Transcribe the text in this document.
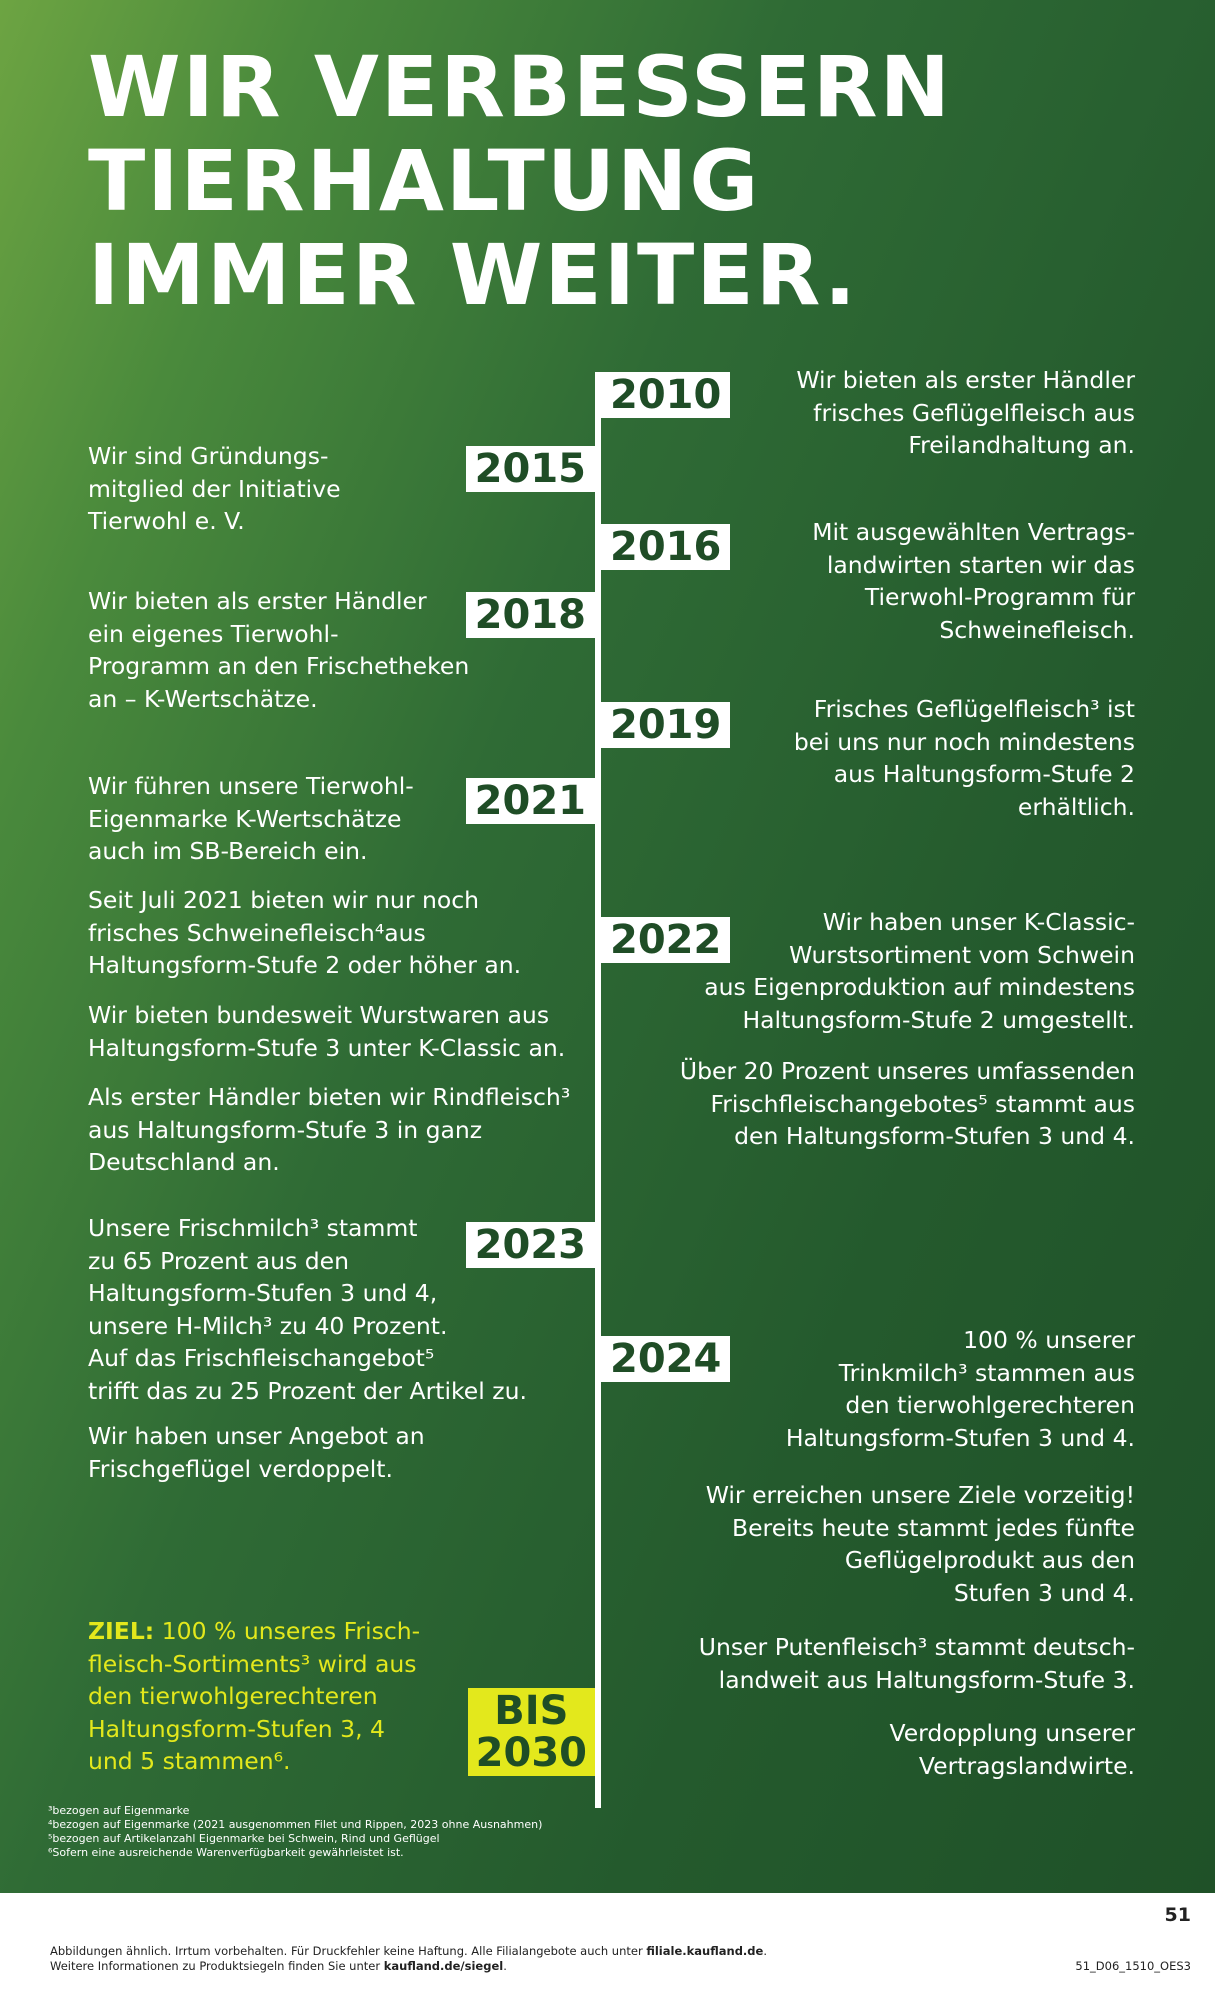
WIR VERBESSERN
TIERHALTUNG
IMMER WEITER.
2010
2015
2016
2018
2019
2021
2022
2023
2024
BIS
2030

Wir sind Gründungs-
mitglied der Initiative
Tierwohl e. V.

Wir bieten als erster Händler
ein eigenes Tierwohl-
Programm an den Frischetheken
an – K-Wertschätze.

Wir führen unsere Tierwohl-
Eigenmarke K-Wertschätze
auch im SB-Bereich ein.

Seit Juli 2021 bieten wir nur noch
frisches Schweinefleisch⁴aus
Haltungsform-Stufe 2 oder höher an.

Wir bieten bundesweit Wurstwaren aus
Haltungsform-Stufe 3 unter K-Classic an.

Als erster Händler bieten wir Rindfleisch³
aus Haltungsform-Stufe 3 in ganz
Deutschland an.

Unsere Frischmilch³ stammt
zu 65 Prozent aus den
Haltungsform-Stufen 3 und 4,
unsere H-Milch³ zu 40 Prozent.
Auf das Frischfleischangebot⁵
trifft das zu 25 Prozent der Artikel zu.

Wir haben unser Angebot an
Frischgeflügel verdoppelt.

ZIEL: 100 % unseres Frisch-
fleisch-Sortiments³ wird aus
den tierwohlgerechteren
Haltungsform-Stufen 3, 4
und 5 stammen⁶.

Wir bieten als erster Händler
frisches Geflügelfleisch aus
Freilandhaltung an.

Mit ausgewählten Vertrags-
landwirten starten wir das
Tierwohl-Programm für
Schweinefleisch.

Frisches Geflügelfleisch³ ist
bei uns nur noch mindestens
aus Haltungsform-Stufe 2
erhältlich.

Wir haben unser K-Classic-
Wurstsortiment vom Schwein
aus Eigenproduktion auf mindestens
Haltungsform-Stufe 2 umgestellt.

Über 20 Prozent unseres umfassenden
Frischfleischangebotes⁵ stammt aus
den Haltungsform-Stufen 3 und 4.

100 % unserer
Trinkmilch³ stammen aus
den tierwohlgerechteren
Haltungsform-Stufen 3 und 4.

Wir erreichen unsere Ziele vorzeitig!
Bereits heute stammt jedes fünfte
Geflügelprodukt aus den
Stufen 3 und 4.

Unser Putenfleisch³ stammt deutsch-
landweit aus Haltungsform-Stufe 3.

Verdopplung unserer
Vertragslandwirte.

³bezogen auf Eigenmarke
⁴bezogen auf Eigenmarke (2021 ausgenommen Filet und Rippen, 2023 ohne Ausnahmen)
⁵bezogen auf Artikelanzahl Eigenmarke bei Schwein, Rind und Geflügel
⁶Sofern eine ausreichende Warenverfügbarkeit gewährleistet ist.

51

Abbildungen ähnlich. Irrtum vorbehalten. Für Druckfehler keine Haftung. Alle Filialangebote auch unter filiale.kaufland.de.
Weitere Informationen zu Produktsiegeln finden Sie unter kaufland.de/siegel.	51_D06_1510_OES3
